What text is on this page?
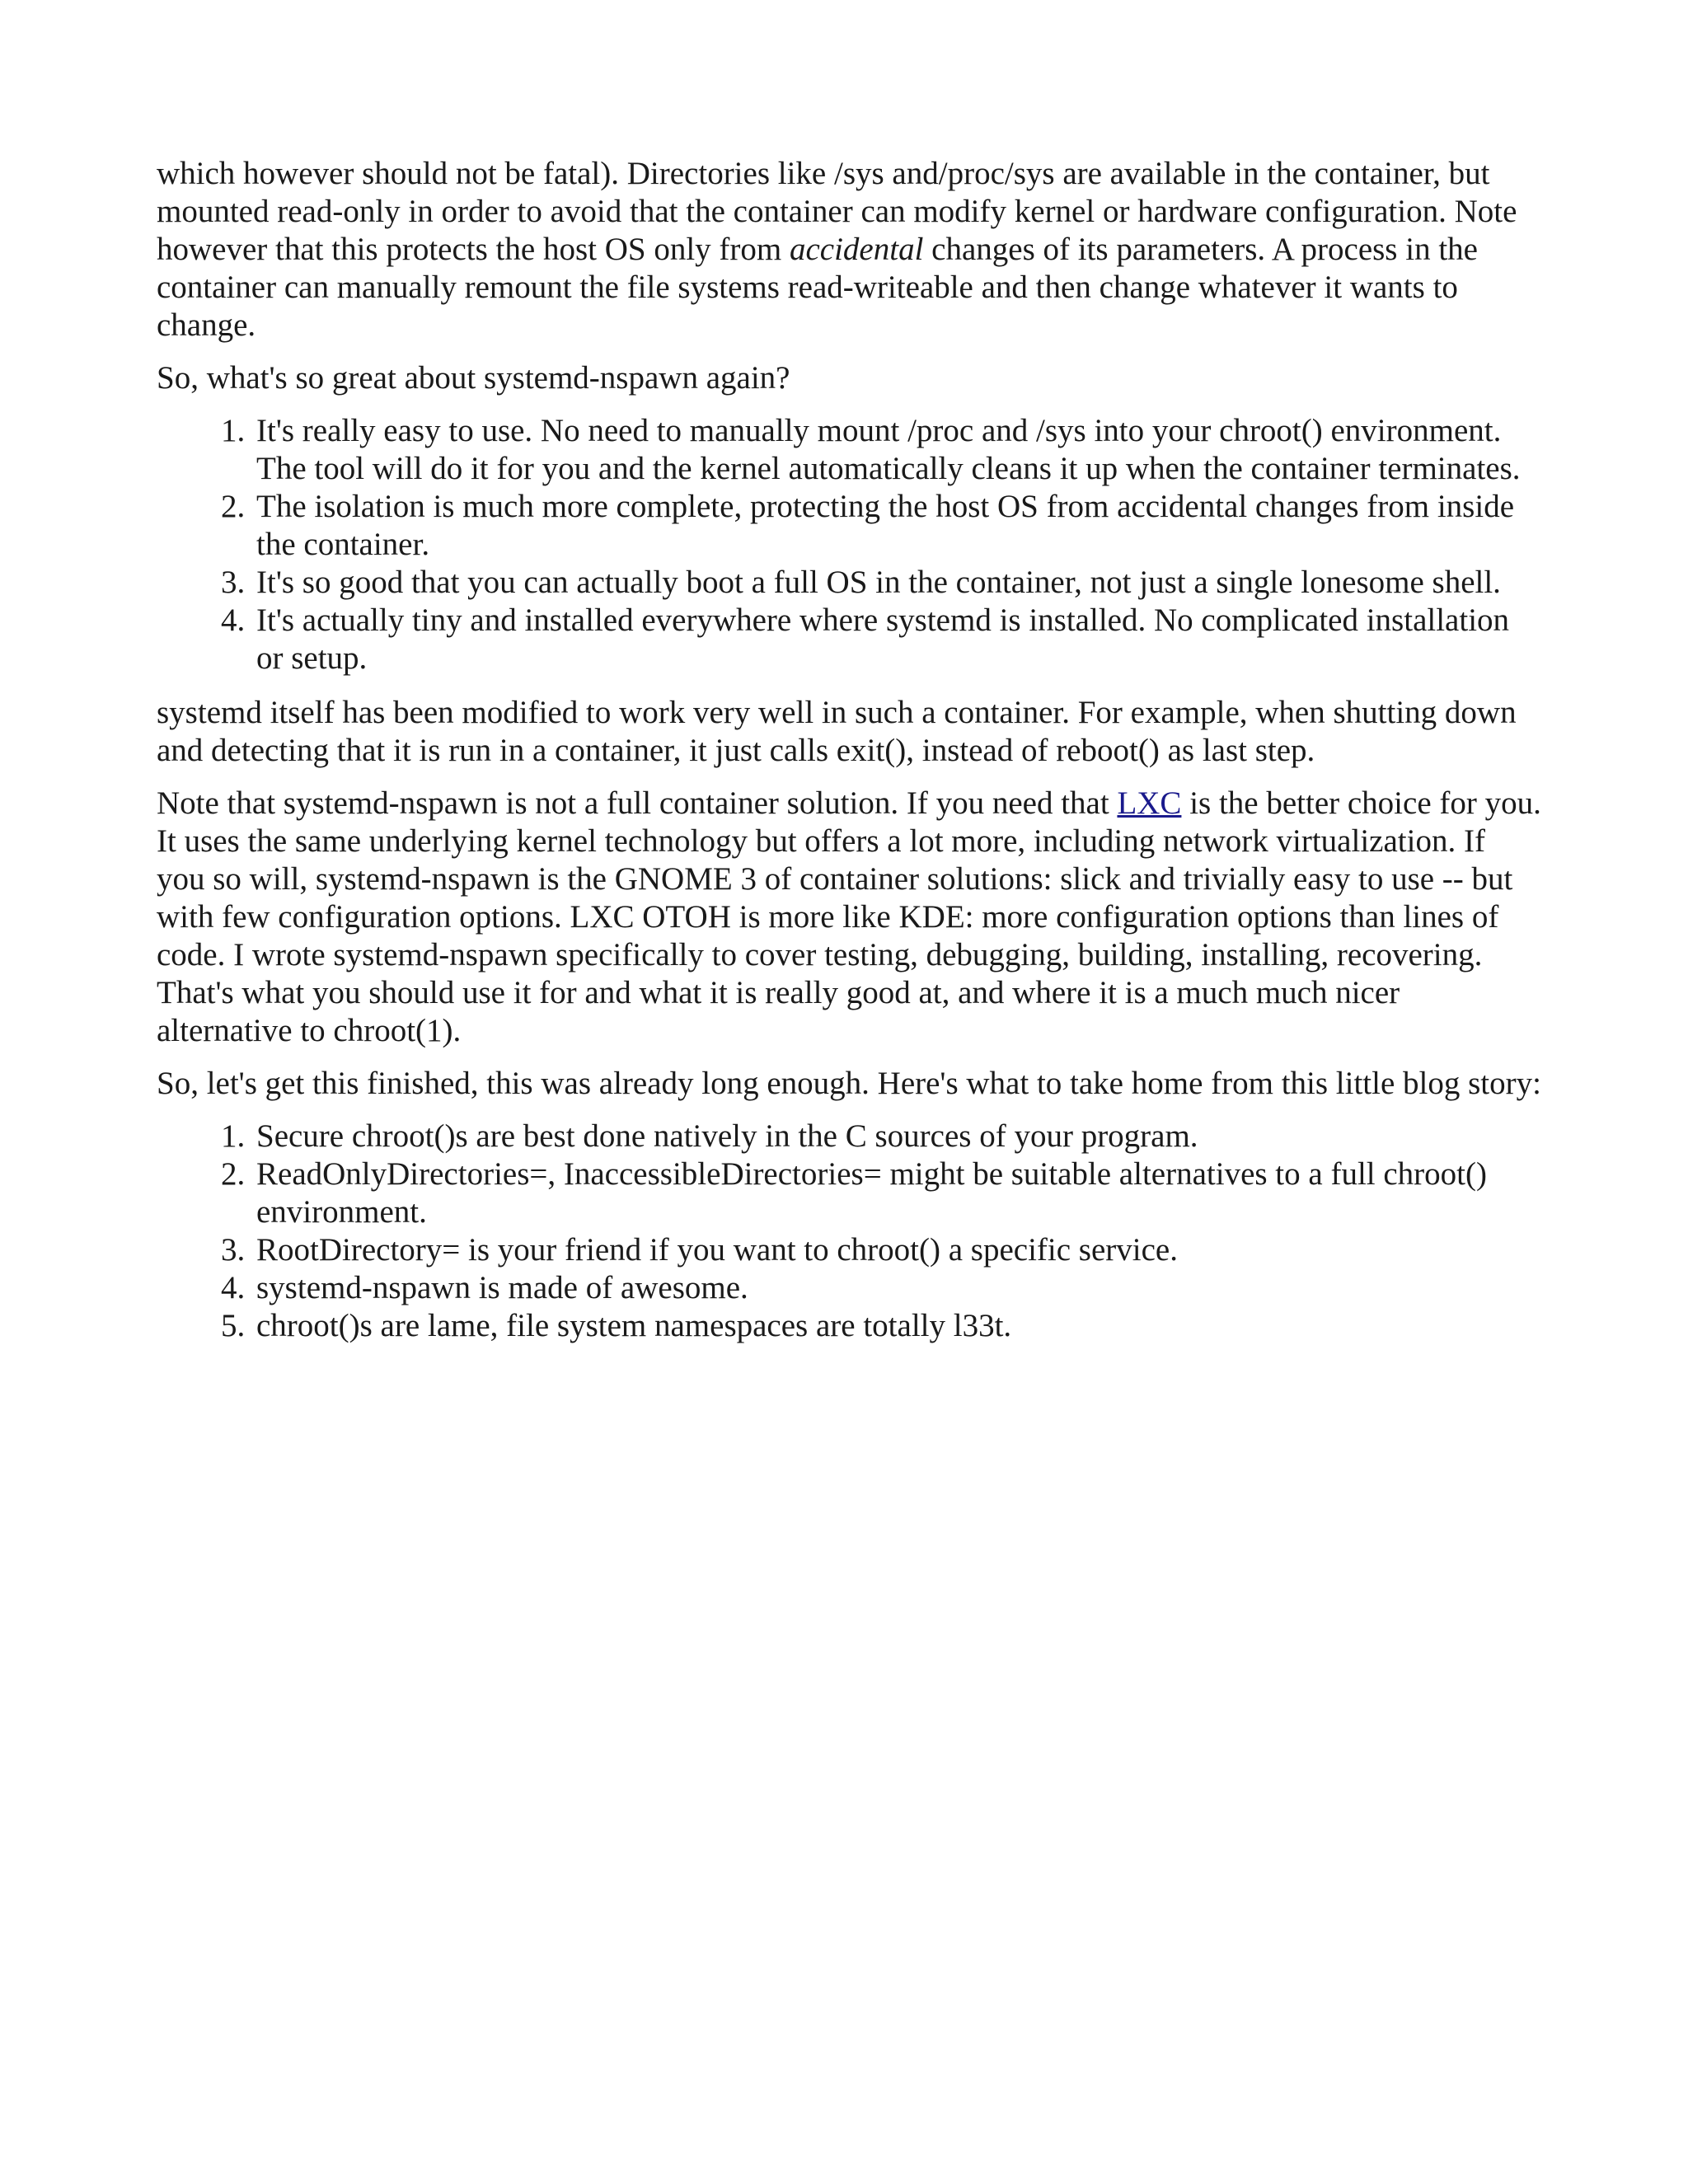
which however should not be fatal). Directories like /sys and/proc/sys are available in the container, but mounted read-only in order to avoid that the container can modify kernel or hardware configuration. Note however that this protects the host OS only from accidental changes of its parameters. A process in the container can manually remount the file systems read-writeable and then change whatever it wants to change.

So, what's so great about systemd-nspawn again?

1. It's really easy to use. No need to manually mount /proc and /sys into your chroot() environment. The tool will do it for you and the kernel automatically cleans it up when the container terminates.
2. The isolation is much more complete, protecting the host OS from accidental changes from inside the container.
3. It's so good that you can actually boot a full OS in the container, not just a single lonesome shell.
4. It's actually tiny and installed everywhere where systemd is installed. No complicated installation or setup.

systemd itself has been modified to work very well in such a container. For example, when shutting down and detecting that it is run in a container, it just calls exit(), instead of reboot() as last step.

Note that systemd-nspawn is not a full container solution. If you need that LXC is the better choice for you. It uses the same underlying kernel technology but offers a lot more, including network virtualization. If you so will, systemd-nspawn is the GNOME 3 of container solutions: slick and trivially easy to use -- but with few configuration options. LXC OTOH is more like KDE: more configuration options than lines of code. I wrote systemd-nspawn specifically to cover testing, debugging, building, installing, recovering. That's what you should use it for and what it is really good at, and where it is a much much nicer alternative to chroot(1).

So, let's get this finished, this was already long enough. Here's what to take home from this little blog story:

1. Secure chroot()s are best done natively in the C sources of your program.
2. ReadOnlyDirectories=, InaccessibleDirectories= might be suitable alternatives to a full chroot() environment.
3. RootDirectory= is your friend if you want to chroot() a specific service.
4. systemd-nspawn is made of awesome.
5. chroot()s are lame, file system namespaces are totally l33t.
